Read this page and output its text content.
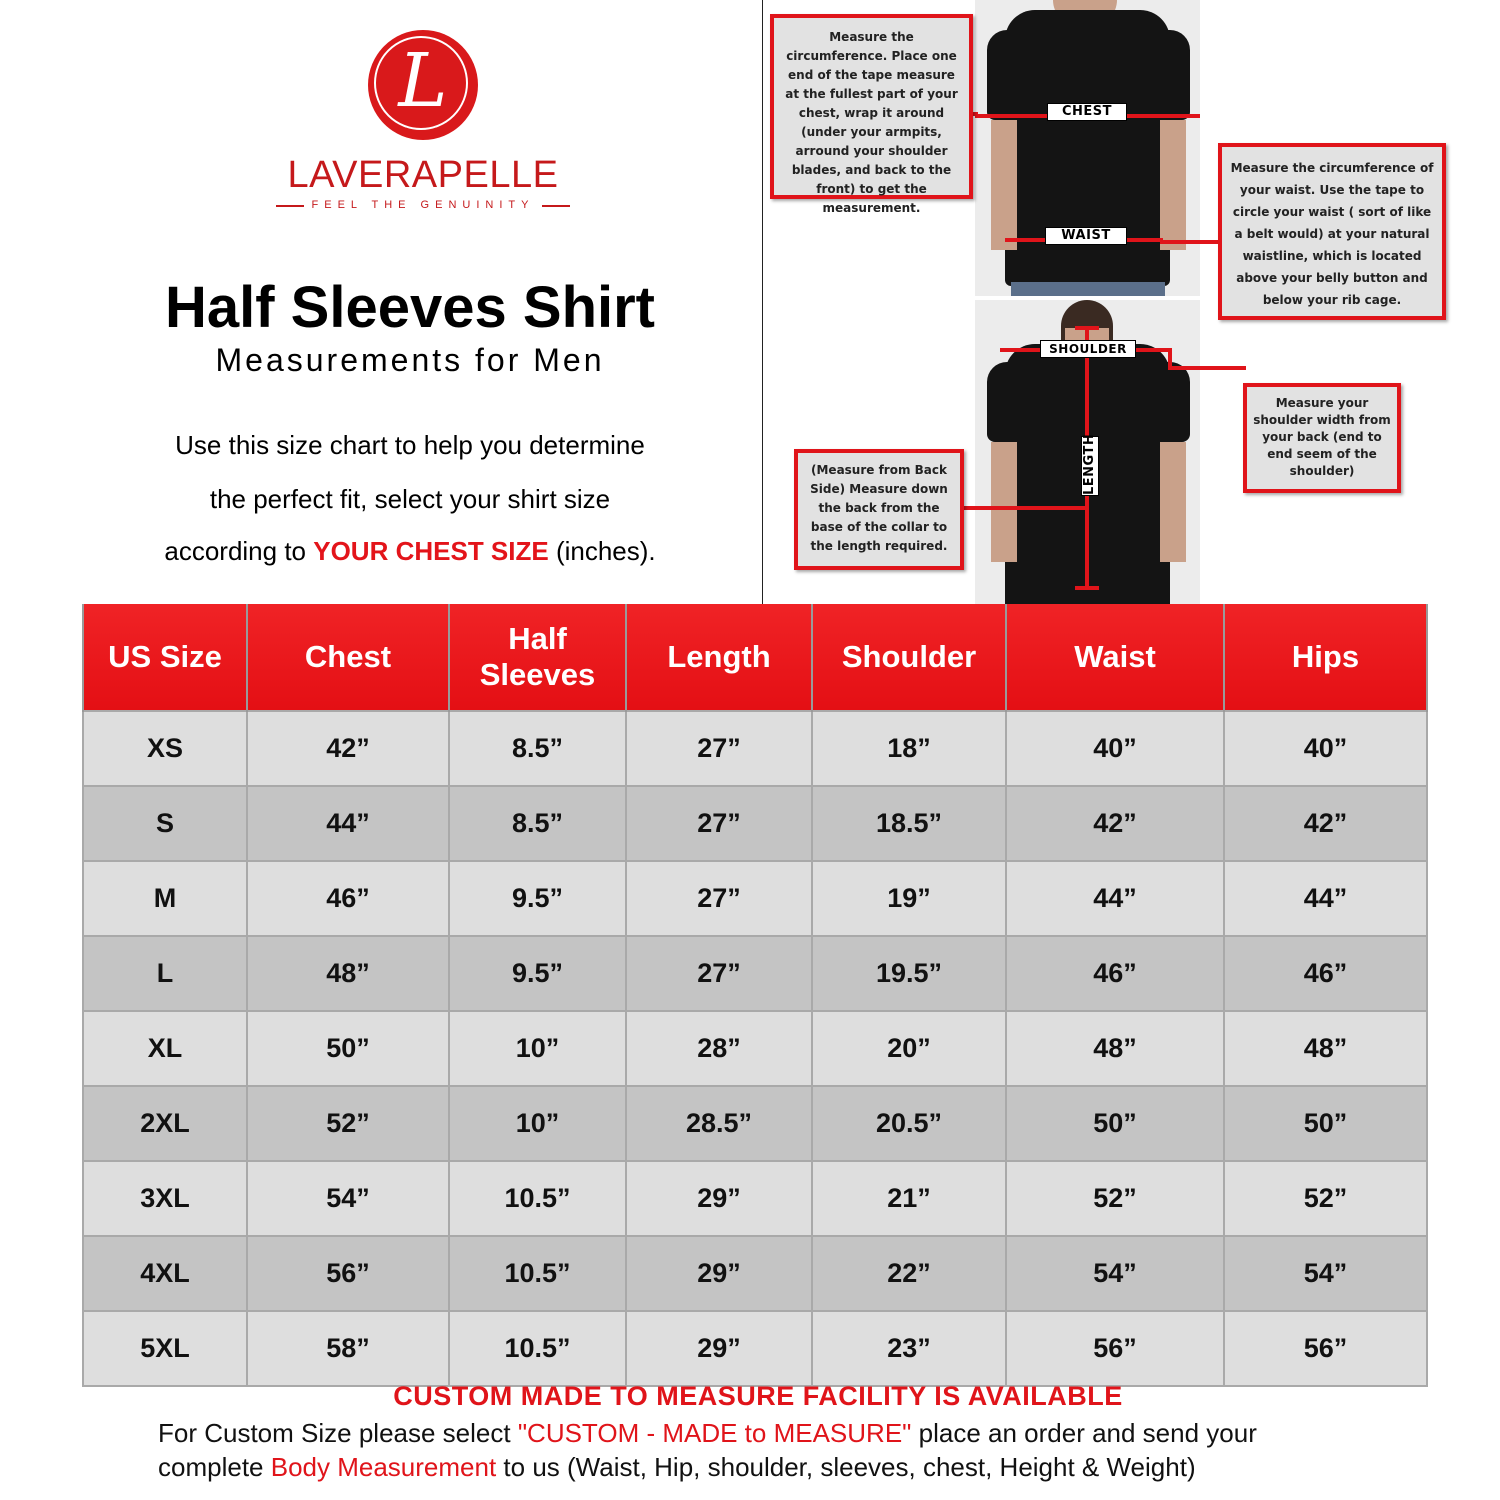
L
LAVERAPELLE
FEEL THE GENUINITY
Half Sleeves Shirt
Measurements for Men
Use this size chart to help you determine
the perfect fit, select your shirt size
according to YOUR CHEST SIZE (inches).
CHEST
WAIST
SHOULDER
LENGTH
Measure the circumference. Place one end of the tape measure at the fullest part of your chest, wrap it around (under your armpits, arround your shoulder blades, and back to the front) to get the measurement.
Measure the circumference of your waist. Use the tape to circle your waist ( sort of like a belt would) at your natural waistline, which is located above your belly button and below your rib cage.
Measure your shoulder width from your back (end to end seem of the shoulder)
(Measure from Back Side) Measure down the back from the base of the collar to the length required.
US Size	Chest	Half Sleeves	Length	Shoulder	Waist	Hips
XS	42”	8.5”	27”	18”	40”	40”
S	44”	8.5”	27”	18.5”	42”	42”
M	46”	9.5”	27”	19”	44”	44”
L	48”	9.5”	27”	19.5”	46”	46”
XL	50”	10”	28”	20”	48”	48”
2XL	52”	10”	28.5”	20.5”	50”	50”
3XL	54”	10.5”	29”	21”	52”	52”
4XL	56”	10.5”	29”	22”	54”	54”
5XL	58”	10.5”	29”	23”	56”	56”
CUSTOM MADE TO MEASURE FACILITY IS AVAILABLE
For Custom Size please select "CUSTOM - MADE to MEASURE" place an order and send your
complete Body Measurement to us (Waist, Hip, shoulder, sleeves, chest, Height & Weight)
